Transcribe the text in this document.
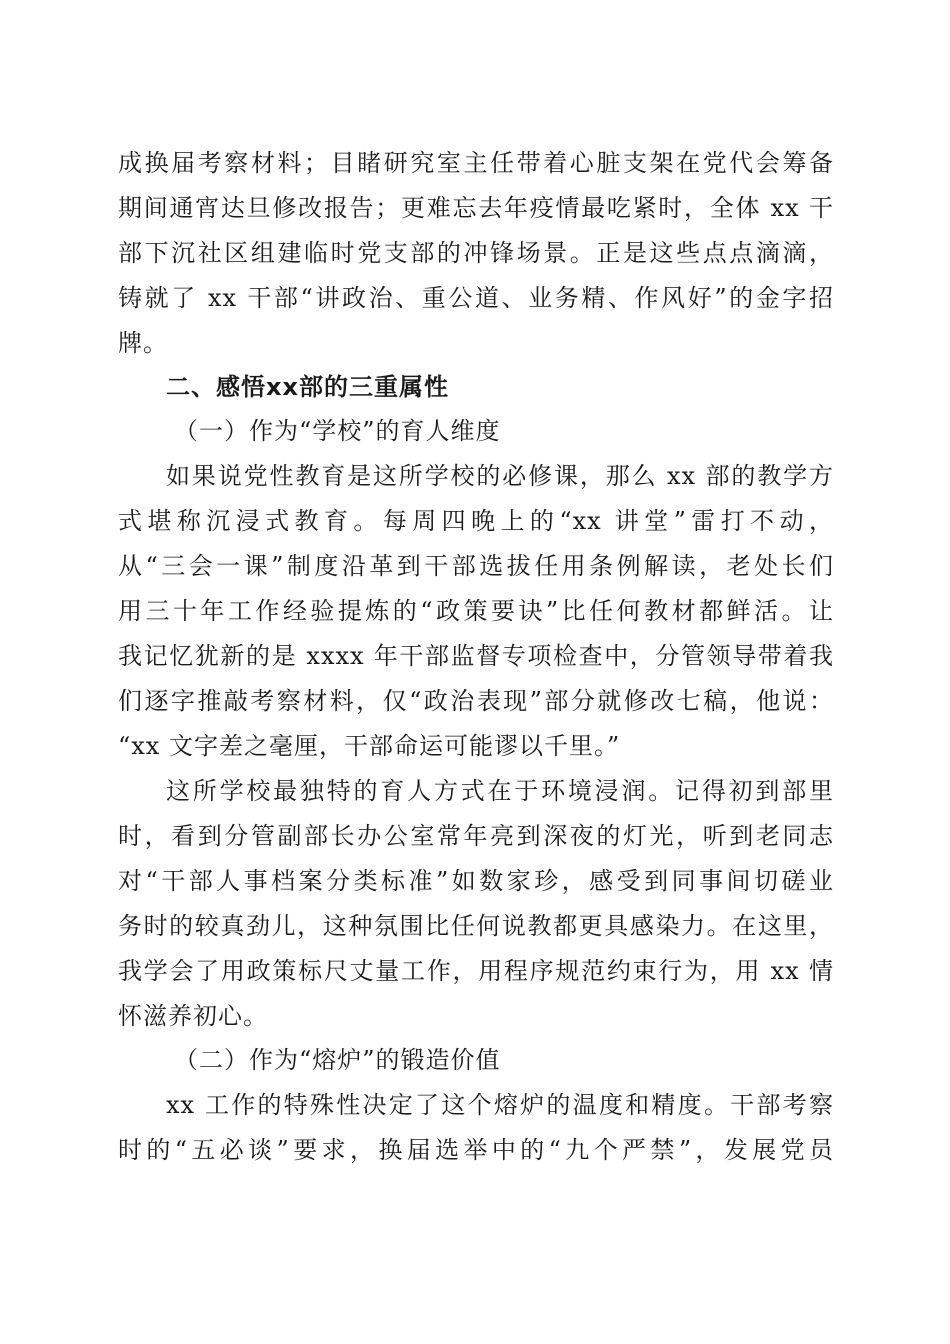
成换届考察材料；目睹研究室主任带着心脏支架在党代会筹备
期间通宵达旦修改报告；更难忘去年疫情最吃紧时，全体 xx 干
部下沉社区组建临时党支部的冲锋场景。正是这些点点滴滴，
铸就了 xx 干部“讲政治、重公道、业务精、作风好”的金字招
牌。
二、感悟xx部的三重属性
（一）作为“学校”的育人维度
如果说党性教育是这所学校的必修课，那么 xx 部的教学方
式堪称沉浸式教育。每周四晚上的“xx 讲堂”雷打不动，
从“三会一课”制度沿革到干部选拔任用条例解读，老处长们
用三十年工作经验提炼的“政策要诀”比任何教材都鲜活。让
我记忆犹新的是 xxxx 年干部监督专项检查中，分管领导带着我
们逐字推敲考察材料，仅“政治表现”部分就修改七稿，他说：
“xx 文字差之毫厘，干部命运可能谬以千里。”
这所学校最独特的育人方式在于环境浸润。记得初到部里
时，看到分管副部长办公室常年亮到深夜的灯光，听到老同志
对“干部人事档案分类标准”如数家珍，感受到同事间切磋业
务时的较真劲儿，这种氛围比任何说教都更具感染力。在这里，
我学会了用政策标尺丈量工作，用程序规范约束行为，用 xx 情
怀滋养初心。
（二）作为“熔炉”的锻造价值
xx 工作的特殊性决定了这个熔炉的温度和精度。干部考察
时的“五必谈”要求，换届选举中的“九个严禁”，发展党员
